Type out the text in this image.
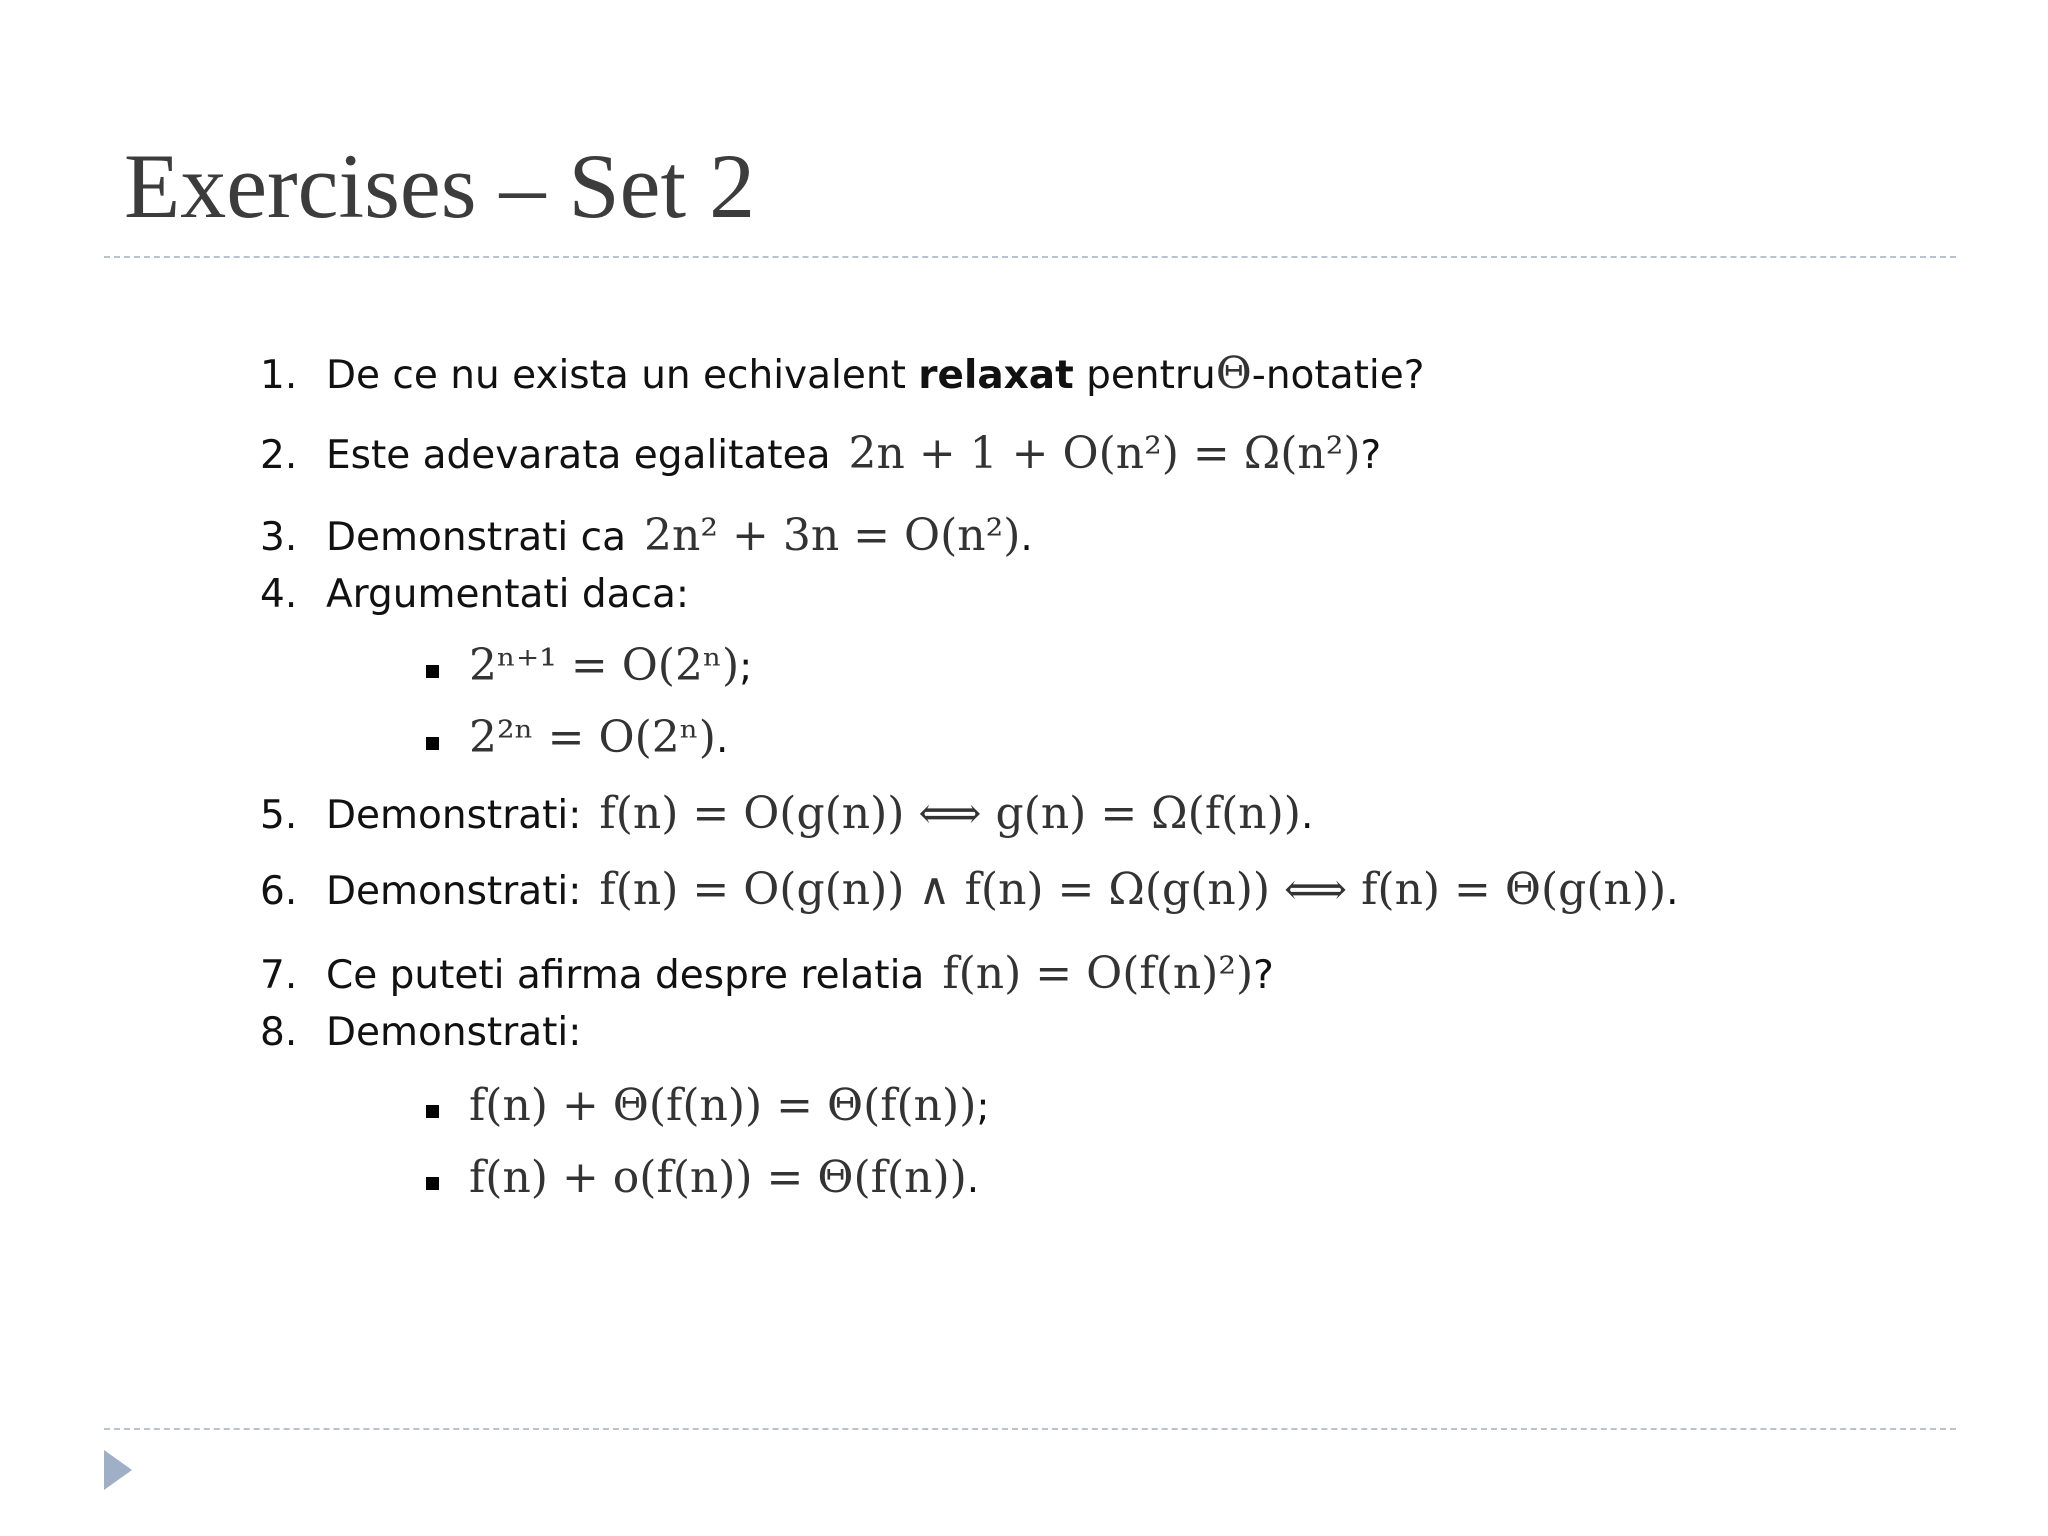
Exercises – Set 2
1. De ce nu exista un echivalent relaxat pentru Θ -notatie?
2. Este adevarata egalitatea 2n + 1 + O(n²) = Ω(n²) ?
3. Demonstrati ca 2n² + 3n = O(n²) .
4. Argumentati daca:
2ⁿ⁺¹ = O(2ⁿ) ;
2²ⁿ = O(2ⁿ) .
5. Demonstrati: f(n) = O(g(n)) ⟺ g(n) = Ω(f(n)) .
6. Demonstrati: f(n) = O(g(n)) ∧ f(n) = Ω(g(n)) ⟺ f(n) = Θ(g(n)) .
7. Ce puteti afirma despre relatia f(n) = O(f(n)²) ?
8. Demonstrati:
f(n) + Θ(f(n)) = Θ(f(n)) ;
f(n) + o(f(n)) = Θ(f(n)) .
